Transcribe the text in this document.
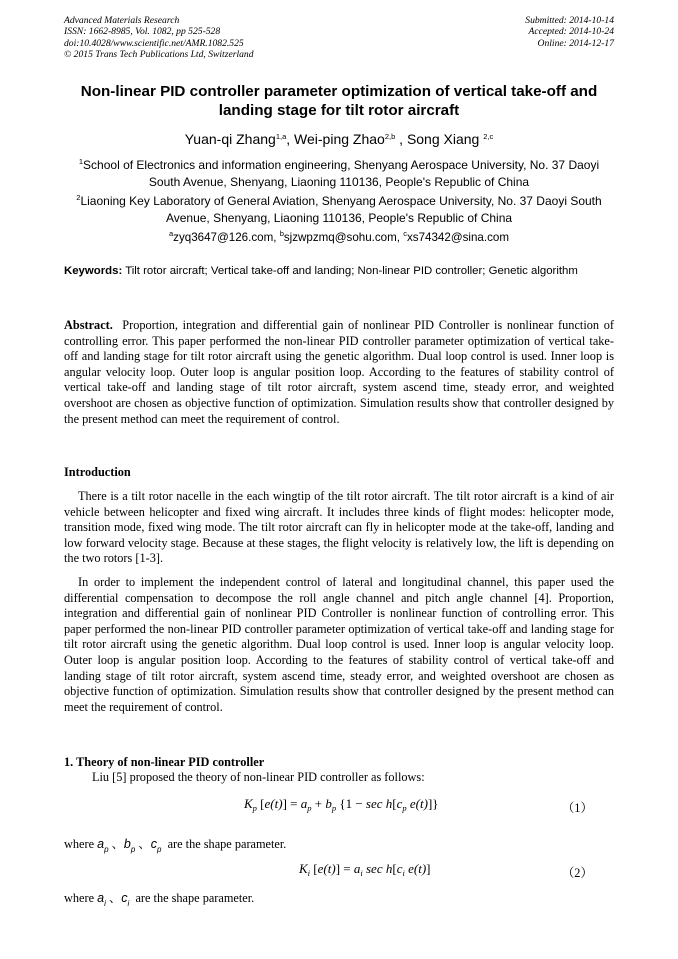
Advanced Materials Research
ISSN: 1662-8985, Vol. 1082, pp 525-528
doi:10.4028/www.scientific.net/AMR.1082.525
© 2015 Trans Tech Publications Ltd, Switzerland
Submitted: 2014-10-14
Accepted: 2014-10-24
Online: 2014-12-17
Non-linear PID controller parameter optimization of vertical take-off and landing stage for tilt rotor aircraft
Yuan-qi Zhang$^{1,a}$, Wei-ping Zhao$^{2,b}$ , Song Xiang $^{2,c}$
$^1$School of Electronics and information engineering, Shenyang Aerospace University, No. 37 Daoyi South Avenue, Shenyang, Liaoning 110136, People's Republic of China
$^2$Liaoning Key Laboratory of General Aviation, Shenyang Aerospace University, No. 37 Daoyi South Avenue, Shenyang, Liaoning 110136, People's Republic of China
$^a$zyq3647@126.com, $^b$sjzwpzmq@sohu.com, $^c$xs74342@sina.com
Keywords: Tilt rotor aircraft; Vertical take-off and landing; Non-linear PID controller; Genetic algorithm
Abstract. Proportion, integration and differential gain of nonlinear PID Controller is nonlinear function of controlling error. This paper performed the non-linear PID controller parameter optimization of vertical take-off and landing stage for tilt rotor aircraft using the genetic algorithm. Dual loop control is used. Inner loop is angular velocity loop. Outer loop is angular position loop. According to the features of stability control of vertical take-off and landing stage of tilt rotor aircraft, system ascend time, steady error, and weighted overshoot are chosen as objective function of optimization. Simulation results show that controller designed by the present method can meet the requirement of control.
Introduction
There is a tilt rotor nacelle in the each wingtip of the tilt rotor aircraft. The tilt rotor aircraft is a kind of air vehicle between helicopter and fixed wing aircraft. It includes three kinds of flight modes: helicopter mode, transition mode, fixed wing mode. The tilt rotor aircraft can fly in helicopter mode at the take-off, landing and low forward velocity stage. Because at these stages, the flight velocity is relatively low, the lift is depending on the two rotors [1-3].
In order to implement the independent control of lateral and longitudinal channel, this paper used the differential compensation to decompose the roll angle channel and pitch angle channel [4]. Proportion, integration and differential gain of nonlinear PID Controller is nonlinear function of controlling error. This paper performed the non-linear PID controller parameter optimization of vertical take-off and landing stage for tilt rotor aircraft using the genetic algorithm. Dual loop control is used. Inner loop is angular velocity loop. Outer loop is angular position loop. According to the features of stability control of vertical take-off and landing stage of tilt rotor aircraft, system ascend time, steady error, and weighted overshoot are chosen as objective function of optimization. Simulation results show that controller designed by the present method can meet the requirement of control.
1. Theory of non-linear PID controller
Liu [5] proposed the theory of non-linear PID controller as follows:
$K_p$ $[e(t)] = a_p + b_p$ {$1 - \sec h[c_p$ e(t)]}	（1）
where $a_p$ 、$b_p$ 、$c_p$ are the shape parameter.
$K_i$ $[e(t)] = a_i$ $\sec h[c_i$ e(t)]	（2）
where $a_i$ 、$c_i$ are the shape parameter.
